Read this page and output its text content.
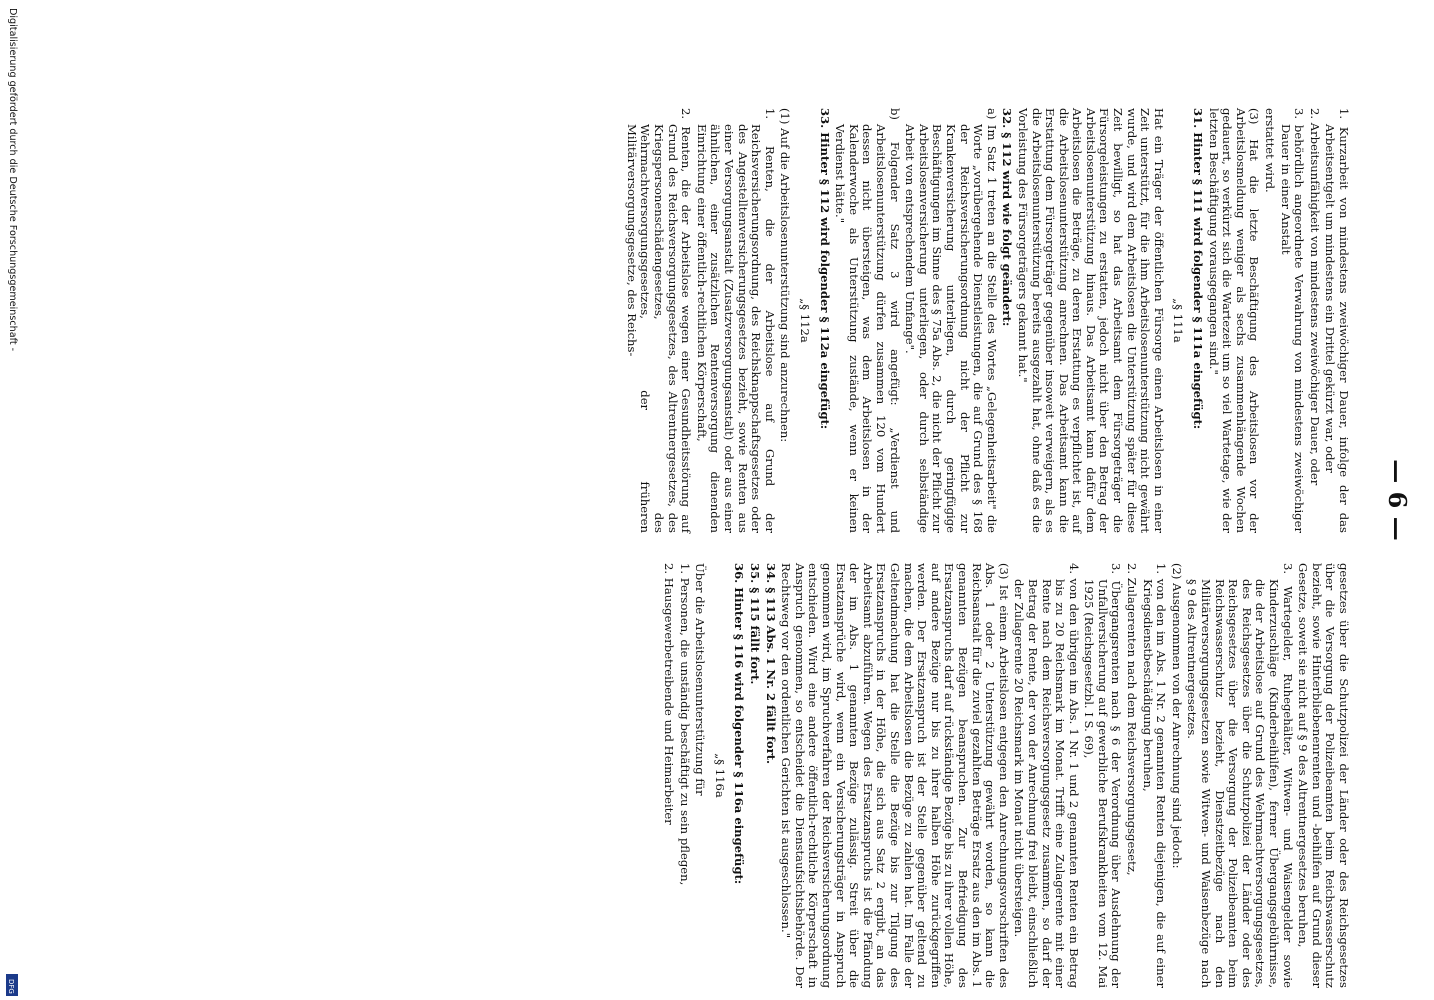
— 6 —

1. Kurzarbeit von mindestens zweiwöchiger Dauer, infolge der das Arbeitsentgelt um mindestens ein Drittel gekürzt war, oder

2. Arbeitsunfähigkeit von mindestens zweiwöchiger Dauer, oder

3. behördlich angeordnete Verwahrung von mindestens zweiwöchiger Dauer in einer Anstalt

erstattet wird.

(3) Hat die letzte Beschäftigung des Arbeitslosen vor der Arbeitslosmeldung weniger als sechs zusammenhängende Wochen gedauert, so verkürzt sich die Wartezeit um so viel Wartetage, wie der letzten Beschäftigung vorausgegangen sind."

31. Hinter § 111 wird folgender § 111a eingefügt:

„§ 111a

Hat ein Träger der öffentlichen Fürsorge einen Arbeitslosen in einer Zeit unterstützt, für die ihm Arbeitslosenunterstützung nicht gewährt wurde, und wird dem Arbeitslosen die Unterstützung später für diese Zeit bewilligt, so hat das Arbeitsamt dem Fürsorgeträger die Fürsorgeleistungen zu erstatten, jedoch nicht über den Betrag der Arbeitslosenunterstützung hinaus. Das Arbeitsamt kann dafür dem Arbeitslosen die Beträge, zu deren Erstattung es verpflichtet ist, auf die Arbeitslosenunterstützung anrechnen. Das Arbeitsamt kann die Erstattung dem Fürsorgeträger gegenüber insoweit verweigern, als es die Arbeitslosenunterstützung bereits ausgezahlt hat, ohne daß es die Vorleistung des Fürsorgeträgers gekannt hat."

32. § 112 wird wie folgt geändert:

a) Im Satz 1 treten an die Stelle des Wortes „Gelegenheitsarbeit" die Worte „vorübergehende Dienstleistungen, die auf Grund des § 168 der Reichsversicherungsordnung nicht der Pflicht zur Krankenversicherung unterliegen, durch geringfügige Beschäftigungen im Sinne des § 75a Abs. 2, die nicht der Pflicht zur Arbeitslosenversicherung unterliegen, oder durch selbständige Arbeit von entsprechendem Umfange".

b) Folgender Satz 3 wird angefügt: „Verdienst und Arbeitslosenunterstützung dürfen zusammen 120 vom Hundert dessen nicht übersteigen, was dem Arbeitslosen in der Kalenderwoche als Unterstützung zustände, wenn er keinen Verdienst hätte."

33. Hinter § 112 wird folgender § 112a eingefügt:

„§ 112a

(1) Auf die Arbeitslosenunterstützung sind anzurechnen:

1. Renten, die der Arbeitslose auf Grund der Reichsversicherungsordnung, des Reichsknappschaftsgesetzes oder des Angestelltenversicherungsgesetzes bezieht, sowie Renten aus einer Versorgungsanstalt (Zusatzversorgungsanstalt) oder aus einer ähnlichen, einer zusätzlichen Rentenversorgung dienenden Einrichtung einer öffentlich-rechtlichen Körperschaft,

2. Renten, die der Arbeitslose wegen einer Gesundheitsstörung auf Grund des Reichsversorgungsgesetzes, des Altrentnergesetzes, des Kriegspersonenschädengesetzes, des Wehrmachtversorgungsgesetzes, der früheren Militärversorgungsgesetze, des Reichs-

gesetzes über die Schutzpolizei der Länder oder des Reichsgesetzes über die Versorgung der Polizeibeamten beim Reichswasserschutz bezieht, sowie Hinterbliebenenrenten und -beihilfen auf Grund dieser Gesetze, soweit sie nicht auf § 9 des Altrentnergesetzes beruhen,

3. Wartegelder, Ruhegehälter, Witwen- und Waisengelder sowie Kinderzuschläge (Kinderbeihilfen), ferner Übergangsgebührnisse, die der Arbeitslose auf Grund des Wehrmachtversorgungsgesetzes, des Reichsgesetzes über die Schutzpolizei der Länder oder des Reichsgesetzes über die Versorgung der Polizeibeamten beim Reichswasserschutz bezieht, Dienstzeitbezüge nach den Militärversorgungsgesetzen sowie Witwen- und Waisenbezüge nach § 9 des Altrentnergesetzes.

(2) Ausgenommen von der Anrechnung sind jedoch:

1. von den im Abs. 1 Nr. 2 genannten Renten diejenigen, die auf einer Kriegsdienstbeschädigung beruhen,

2. Zulagerenten nach dem Reichsversorgungsgesetz,

3. Übergangsrenten nach § 6 der Verordnung über Ausdehnung der Unfallversicherung auf gewerbliche Berufskrankheiten vom 12. Mai 1925 (Reichsgesetzbl. I S. 69),

4. von den übrigen im Abs. 1 Nr. 1 und 2 genannten Renten ein Betrag bis zu 20 Reichsmark im Monat. Trifft eine Zulagerente mit einer Rente nach dem Reichsversorgungsgesetz zusammen, so darf der Betrag der Rente, der von der Anrechnung frei bleibt, einschließlich der Zulagerente 20 Reichsmark im Monat nicht übersteigen.

(3) Ist einem Arbeitslosen entgegen den Anrechnungsvorschriften des Abs. 1 oder 2 Unterstützung gewährt worden, so kann die Reichsanstalt für die zuviel gezahlten Beträge Ersatz aus den im Abs. 1 genannten Bezügen beanspruchen. Zur Befriedigung des Ersatzanspruchs darf auf rückständige Bezüge bis zu ihrer vollen Höhe, auf andere Bezüge nur bis zu ihrer halben Höhe zurückgegriffen werden. Der Ersatzanspruch ist der Stelle gegenüber geltend zu machen, die dem Arbeitslosen die Bezüge zu zahlen hat. Im Falle der Geltendmachung hat die Stelle die Bezüge bis zur Tilgung des Ersatzanspruchs in der Höhe, die sich aus Satz 2 ergibt, an das Arbeitsamt abzuführen. Wegen des Ersatzanspruchs ist die Pfändung der im Abs. 1 genannten Bezüge zulässig. Streit über die Ersatzansprüche wird, wenn ein Versicherungsträger in Anspruch genommen wird, im Spruchverfahren der Reichsversicherungsordnung entschieden. Wird eine andere öffentlich-rechtliche Körperschaft in Anspruch genommen, so entscheidet die Dienstaufsichtsbehörde. Der Rechtsweg vor den ordentlichen Gerichten ist ausgeschlossen."

34. § 113 Abs. 1 Nr. 2 fällt fort.

35. § 115 fällt fort.

36. Hinter § 116 wird folgender § 116a eingefügt:

„§ 116a

Über die Arbeitslosenunterstützung für

1. Personen, die unständig beschäftigt zu sein pflegen,

2. Hausgewerbetreibende und Heimarbeiter

Digitalisierung gefördert durch die Deutsche Forschungsgemeinschaft -
DFG
